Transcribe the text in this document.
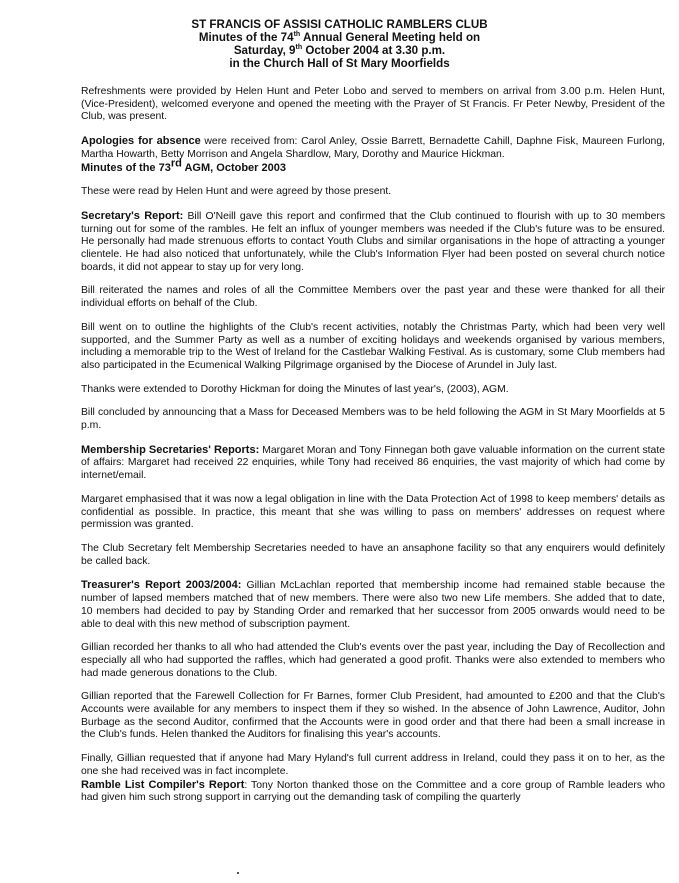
ST FRANCIS OF ASSISI CATHOLIC RAMBLERS CLUB
Minutes of the 74th Annual General Meeting held on
Saturday, 9th October 2004 at 3.30 p.m.
in the Church Hall of St Mary Moorfields

Refreshments were provided by Helen Hunt and Peter Lobo and served to members on arrival from 3.00 p.m. Helen Hunt, (Vice-President), welcomed everyone and opened the meeting with the Prayer of St Francis. Fr Peter Newby, President of the Club, was present.

Apologies for absence were received from: Carol Anley, Ossie Barrett, Bernadette Cahill, Daphne Fisk, Maureen Furlong, Martha Howarth, Betty Morrison and Angela Shardlow, Mary, Dorothy and Maurice Hickman.

Minutes of the 73rd AGM, October 2003

These were read by Helen Hunt and were agreed by those present.

Secretary's Report: Bill O'Neill gave this report and confirmed that the Club continued to flourish with up to 30 members turning out for some of the rambles. He felt an influx of younger members was needed if the Club's future was to be ensured. He personally had made strenuous efforts to contact Youth Clubs and similar organisations in the hope of attracting a younger clientele. He had also noticed that unfortunately, while the Club's Information Flyer had been posted on several church notice boards, it did not appear to stay up for very long.

Bill reiterated the names and roles of all the Committee Members over the past year and these were thanked for all their individual efforts on behalf of the Club.

Bill went on to outline the highlights of the Club's recent activities, notably the Christmas Party, which had been very well supported, and the Summer Party as well as a number of exciting holidays and weekends organised by various members, including a memorable trip to the West of Ireland for the Castlebar Walking Festival. As is customary, some Club members had also participated in the Ecumenical Walking Pilgrimage organised by the Diocese of Arundel in July last.

Thanks were extended to Dorothy Hickman for doing the Minutes of last year's, (2003), AGM.

Bill concluded by announcing that a Mass for Deceased Members was to be held following the AGM in St Mary Moorfields at 5 p.m.

Membership Secretaries' Reports: Margaret Moran and Tony Finnegan both gave valuable information on the current state of affairs: Margaret had received 22 enquiries, while Tony had received 86 enquiries, the vast majority of which had come by internet/email.

Margaret emphasised that it was now a legal obligation in line with the Data Protection Act of 1998 to keep members' details as confidential as possible. In practice, this meant that she was willing to pass on members' addresses on request where permission was granted.

The Club Secretary felt Membership Secretaries needed to have an ansaphone facility so that any enquirers would definitely be called back.

Treasurer's Report 2003/2004: Gillian McLachlan reported that membership income had remained stable because the number of lapsed members matched that of new members. There were also two new Life members. She added that to date, 10 members had decided to pay by Standing Order and remarked that her successor from 2005 onwards would need to be able to deal with this new method of subscription payment.

Gillian recorded her thanks to all who had attended the Club's events over the past year, including the Day of Recollection and especially all who had supported the raffles, which had generated a good profit. Thanks were also extended to members who had made generous donations to the Club.

Gillian reported that the Farewell Collection for Fr Barnes, former Club President, had amounted to £200 and that the Club's Accounts were available for any members to inspect them if they so wished. In the absence of John Lawrence, Auditor, John Burbage as the second Auditor, confirmed that the Accounts were in good order and that there had been a small increase in the Club's funds. Helen thanked the Auditors for finalising this year's accounts.

Finally, Gillian requested that if anyone had Mary Hyland's full current address in Ireland, could they pass it on to her, as the one she had received was in fact incomplete.

Ramble List Compiler's Report: Tony Norton thanked those on the Committee and a core group of Ramble leaders who had given him such strong support in carrying out the demanding task of compiling the quarterly
